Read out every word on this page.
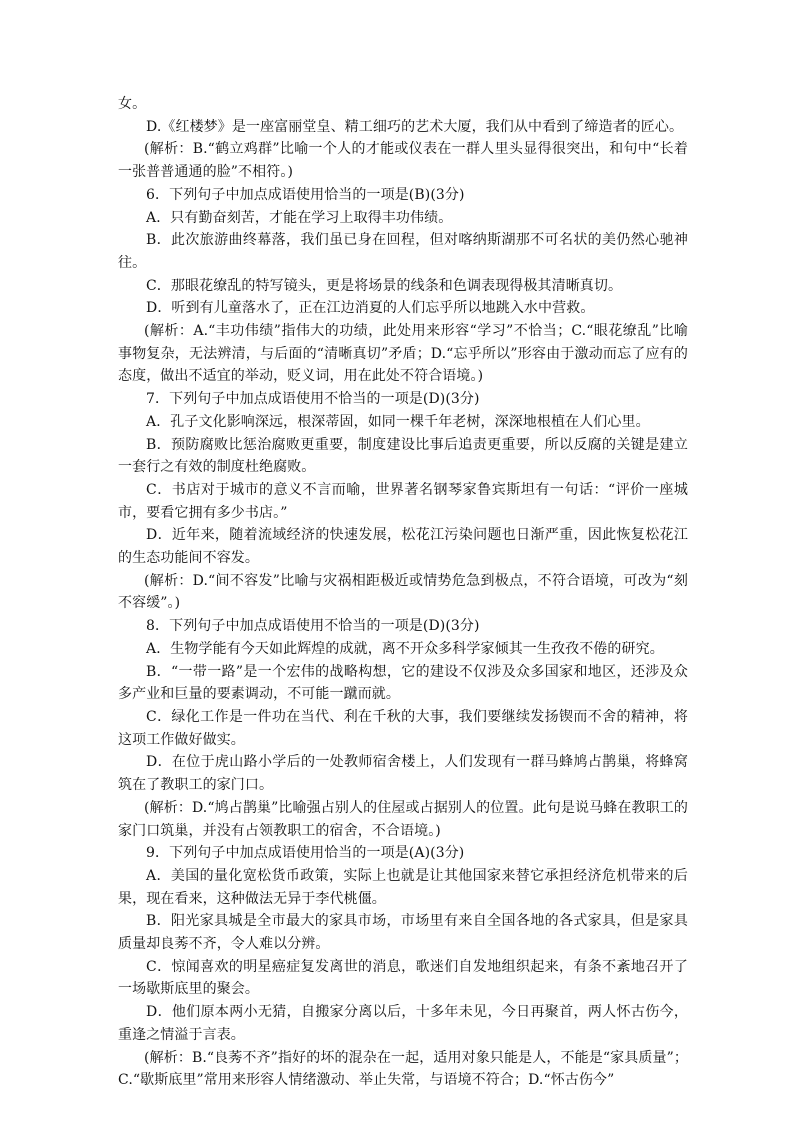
女。

D.《红楼梦》是一座富丽堂皇、精工细巧的艺术大厦，我们从中看到了缔造者的匠心。

(解析：B.“鹤立鸡群”比喻一个人的才能或仪表在一群人里头显得很突出，和句中“长着一张普普通通的脸”不相符。)

6．下列句子中加点成语使用恰当的一项是(B)(3分)

A．只有勤奋刻苦，才能在学习上取得丰功伟绩。

B．此次旅游曲终幕落，我们虽已身在回程，但对喀纳斯湖那不可名状的美仍然心驰神往。

C．那眼花缭乱的特写镜头，更是将场景的线条和色调表现得极其清晰真切。

D．听到有儿童落水了，正在江边消夏的人们忘乎所以地跳入水中营救。

(解析：A.“丰功伟绩”指伟大的功绩，此处用来形容“学习”不恰当；C.“眼花缭乱”比喻事物复杂，无法辨清，与后面的“清晰真切”矛盾；D.“忘乎所以”形容由于激动而忘了应有的态度，做出不适宜的举动，贬义词，用在此处不符合语境。)

7．下列句子中加点成语使用不恰当的一项是(D)(3分)

A．孔子文化影响深远，根深蒂固，如同一棵千年老树，深深地根植在人们心里。

B．预防腐败比惩治腐败更重要，制度建设比事后追责更重要，所以反腐的关键是建立一套行之有效的制度杜绝腐败。

C．书店对于城市的意义不言而喻，世界著名钢琴家鲁宾斯坦有一句话：“评价一座城市，要看它拥有多少书店。”

D．近年来，随着流域经济的快速发展，松花江污染问题也日渐严重，因此恢复松花江的生态功能间不容发。

(解析：D.“间不容发”比喻与灾祸相距极近或情势危急到极点，不符合语境，可改为“刻不容缓”。)

8．下列句子中加点成语使用不恰当的一项是(D)(3分)

A．生物学能有今天如此辉煌的成就，离不开众多科学家倾其一生孜孜不倦的研究。

B．“一带一路”是一个宏伟的战略构想，它的建设不仅涉及众多国家和地区，还涉及众多产业和巨量的要素调动，不可能一蹴而就。

C．绿化工作是一件功在当代、利在千秋的大事，我们要继续发扬锲而不舍的精神，将这项工作做好做实。

D．在位于虎山路小学后的一处教师宿舍楼上，人们发现有一群马蜂鸠占鹊巢，将蜂窝筑在了教职工的家门口。

(解析：D.“鸠占鹊巢”比喻强占别人的住屋或占据别人的位置。此句是说马蜂在教职工的家门口筑巢，并没有占领教职工的宿舍，不合语境。)

9．下列句子中加点成语使用恰当的一项是(A)(3分)

A．美国的量化宽松货币政策，实际上也就是让其他国家来替它承担经济危机带来的后果，现在看来，这种做法无异于李代桃僵。

B．阳光家具城是全市最大的家具市场，市场里有来自全国各地的各式家具，但是家具质量却良莠不齐，令人难以分辨。

C．惊闻喜欢的明星癌症复发离世的消息，歌迷们自发地组织起来，有条不紊地召开了一场歇斯底里的聚会。

D．他们原本两小无猜，自搬家分离以后，十多年未见，今日再聚首，两人怀古伤今，重逢之情溢于言表。

(解析：B.“良莠不齐”指好的坏的混杂在一起，适用对象只能是人，不能是“家具质量”；C.“歇斯底里”常用来形容人情绪激动、举止失常，与语境不符合；D.“怀古伤今”
